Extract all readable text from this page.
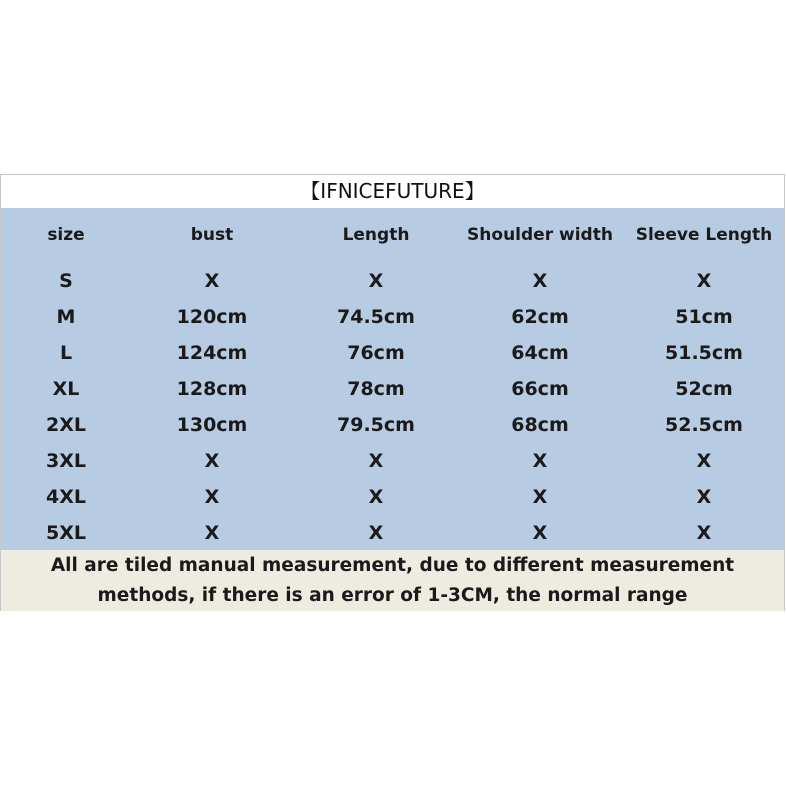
【IFNICEFUTURE】
size	bust	Length	Shoulder width	Sleeve Length
S	X	X	X	X
M	120cm	74.5cm	62cm	51cm
L	124cm	76cm	64cm	51.5cm
XL	128cm	78cm	66cm	52cm
2XL	130cm	79.5cm	68cm	52.5cm
3XL	X	X	X	X
4XL	X	X	X	X
5XL	X	X	X	X
All are tiled manual measurement, due to different measurement
methods, if there is an error of 1-3CM, the normal range
